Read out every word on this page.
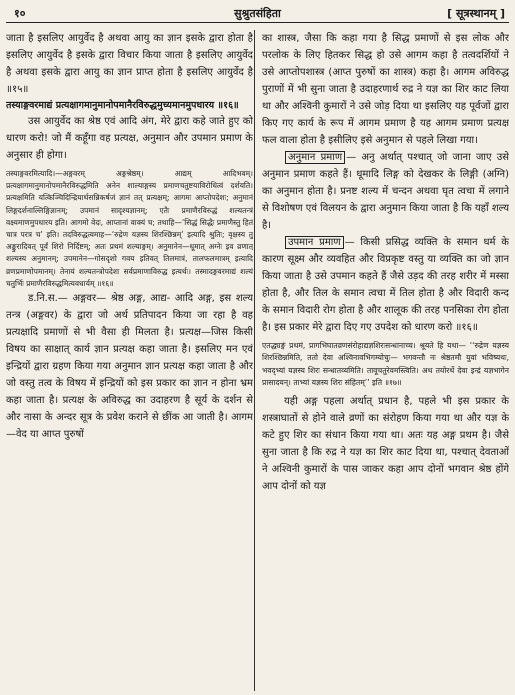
१०	सुश्रुतसंहिता	[ सूत्रस्थानम् ]

जाता है इसलिए आयुर्वेद है अथवा आयु का ज्ञान इसके द्वारा होता है इसलिए आयुर्वेद है इसके द्वारा विचार किया जाता है इसलिए आयुर्वेद है अथवा इसके द्वारा आयु का ज्ञान प्राप्त होता है इसलिए आयुर्वेद है ॥१५॥

तस्याङ्गवरमाद्यं प्रत्यक्षागमानुमानोपमानैरविरुद्धमुच्यमानमुपधारय ॥१६॥

उस आयुर्वेद का श्रेष्ठ एवं आदि अंग, मेरे द्वारा कहे जाते हुए को धारण करो! जो मैं कहूँगा वह प्रत्यक्ष, अनुमान और उपमान प्रमाण के अनुसार ही होगा।

तस्याङ्गवरमित्यादि।—अङ्गवरम् अङ्गश्रेष्ठम्। आद्यम् आदिभवम्। प्रत्यक्षागमानुमानोपमानैरविरुद्धमिति अनेन शाल्याङ्गस्य प्रमाणचतुष्टयाविरोधित्वं दर्शयति। प्रत्यक्षमिति यत्किञ्चिदिन्द्रियार्थसन्निकर्षजं ज्ञानं तत् प्रत्यक्षम्; आगमः आप्तोपदेशः; अनुमानं लिङ्गदर्शनाल्लिङ्गिज्ञानम्; उपमानं सादृश्यज्ञानम्; एतैः प्रमाणैरविरुद्धं शल्यतन्त्रं वक्ष्यमाणमुपधारय इति। आगमो वेदः, आप्तानां वाक्यं च; तथाहि—‘सिद्धं सिद्धैः प्रमाणैस्तु हितं चात्र परत्र च’ इति। तदविरुद्धत्वमाह—‘रुद्रेण यज्ञस्य शिरश्छिन्नम्’ इत्यादि श्रुतिः; वृक्षस्य तु अङ्कुरादिवत् पूर्वं शिरो निर्दिष्टम्; अतः प्रथमं शल्याङ्गम्। अनुमानेन—धूमात् अग्नेः इव व्रणात् शल्यस्य अनुमानम्; उपमानेन—गोसदृशो गवय इतिवत् तिलमात्रं, तालफलमात्रम् इत्यादि व्रणप्रमाणोपमानम्। तेनायं शल्यतन्त्रोपदेशः सर्वप्रमाणाविरुद्ध इत्यर्थः। तस्मादङ्गवरमाद्यं शल्यं चतुर्भिः प्रमाणैरविरुद्धमित्यवधार्यम् ॥१६॥

ड.नि.स.— अङ्गवर— श्रेष्ठ अङ्ग, आद्य- आदि अङ्ग, इस शल्य तन्त्र (अङ्गवर) के द्वारा जो अर्थ प्रतिपादन किया जा रहा है वह प्रत्यक्षादि प्रमाणों से भी वैसा ही मिलता है। प्रत्यक्ष—जिस किसी विषय का साक्षात् कार्य ज्ञान प्रत्यक्ष कहा जाता है। इसलिए मन एवं इन्द्रियों द्वारा ग्रहण किया गया अनुमान ज्ञान प्रत्यक्ष कहा जाता है और जो वस्तु तत्व के विषय में इन्द्रियों को इस प्रकार का ज्ञान न होना भ्रम कहा जाता है। प्रत्यक्ष के अविरुद्ध का उदाहरण है सूर्य के दर्शन से और नासा के अन्दर सूत्र के प्रवेश कराने से छींक आ जाती है। आगम—वेद या आप्त पुरुषों

का शास्त्र, जैसा कि कहा गया है सिद्ध प्रमाणों से इस लोक और परलोक के लिए हितकर सिद्ध हो उसे आगम कहा है तत्वदर्शियों ने उसे आप्तोपशास्त्र (आप्त पुरुषों का शास्त्र) कहा है। आगम अविरुद्ध पुराणों में भी सुना जाता है उदाहरणार्थ रुद्र ने यज्ञ का शिर काट लिया था और अश्विनी कुमारों ने उसे जोड़ दिया था इसलिए यह पूर्वजों द्वारा किए गए कार्य के रूप में आगम प्रमाण है यह आगम प्रमाण प्रत्यक्ष फल वाला होता है इसीलिए इसे अनुमान से पहले लिखा गया।

अनुमान प्रमाण — अनु अर्थात् पश्चात् जो जाना जाए उसे अनुमान प्रमाण कहते हैं। धूमादि लिङ्ग को देखकर के लिङ्गी (अग्नि) का अनुमान होता है। प्रनष्ट शल्य में चन्दन अथवा घृत त्वचा में लगाने से विशोषण एवं विलयन के द्वारा अनुमान किया जाता है कि यहाँ शल्य है।

उपमान प्रमाण — किसी प्रसिद्ध व्यक्ति के समान धर्म के कारण सूक्ष्म और व्यवहित और विप्रकृष्ट वस्तु या व्यक्ति का जो ज्ञान किया जाता है उसे उपमान कहते हैं जैसे उड़द की तरह शरीर में मस्सा होता है, और तिल के समान त्वचा में तिल होता है और विदारी कन्द के समान विदारी रोग होता है और शालूक की तरह पनसिका रोग होता है। इस प्रकार मेरे द्वारा दिए गए उपदेश को धारण करो ॥१६॥

एतद्ध्यङ्गं प्रथमं, प्रागभिघातव्रणसंरोहाद्यज्ञशिरःसन्धानाच्च। श्रूयते हि यथा— ‘‘रुद्रेण यज्ञस्य शिरश्छिन्नमिति, ततो देवा अश्विनावभिगम्योचुः— भगवन्तौ नः श्रेष्ठतमौ युवां भविष्यथः, भवद्भ्यां यज्ञस्य शिरः सन्धातव्यमिति। तावूचतुरेवमस्त्विति। अथ तयोरर्थे देवा इन्द्रं यज्ञभागेन प्रासादयन्। ताभ्यां यज्ञस्य शिरः संहितम्’’ इति ॥१७॥

यही अङ्ग पहला अर्थात् प्रधान है, पहले भी इस प्रकार के शस्त्राघातों से होने वाले व्रणों का संरोहण किया गया था और यज्ञ के कटे हुए शिर का संधान किया गया था। अतः यह अङ्ग प्रथम है। जैसे सुना जाता है कि रुद्र ने यज्ञ का शिर काट दिया था, पश्चात् देवताओं ने अश्विनी कुमारों के पास जाकर कहा आप दोनों भगवान श्रेष्ठ होंगे आप दोनों को यज्ञ
